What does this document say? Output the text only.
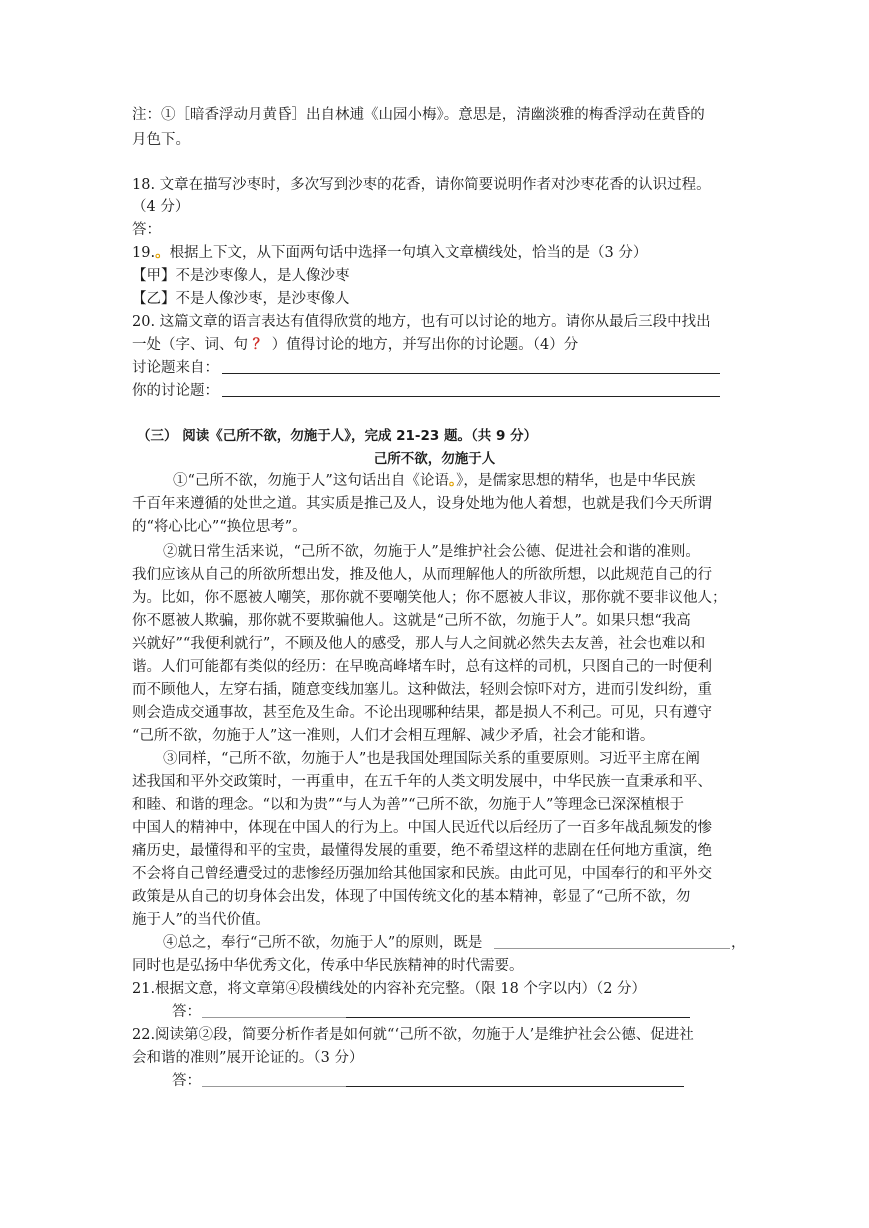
注：①［暗香浮动月黄昏］出自林逋《山园小梅》。意思是，清幽淡雅的梅香浮动在黄昏的
月色下。
18. 文章在描写沙枣时，多次写到沙枣的花香，请你简要说明作者对沙枣花香的认识过程。
（4 分）
答：
19.。根据上下文，从下面两句话中选择一句填入文章横线处，恰当的是（3 分）
【甲】不是沙枣像人，是人像沙枣
【乙】不是人像沙枣，是沙枣像人
20. 这篇文章的语言表达有值得欣赏的地方，也有可以讨论的地方。请你从最后三段中找出
一处（字、词、句 ？ ）值得讨论的地方，并写出你的讨论题。（4）分
讨论题来自：
你的讨论题：
（三） 阅读《己所不欲，勿施于人》，完成 21-23 题。（共 9 分）
己所不欲，勿施于人
①“己所不欲，勿施于人”这句话出自《论语。》，是儒家思想的精华，也是中华民族
千百年来遵循的处世之道。其实质是推己及人，设身处地为他人着想，也就是我们今天所谓
的“将心比心”“换位思考”。
②就日常生活来说，“己所不欲，勿施于人”是维护社会公德、促进社会和谐的准则。
我们应该从自己的所欲所想出发，推及他人，从而理解他人的所欲所想，以此规范自己的行
为。比如，你不愿被人嘲笑，那你就不要嘲笑他人；你不愿被人非议，那你就不要非议他人；
你不愿被人欺骗，那你就不要欺骗他人。这就是“己所不欲，勿施于人”。如果只想“我高
兴就好”“我便利就行”，不顾及他人的感受，那人与人之间就必然失去友善，社会也难以和
谐。人们可能都有类似的经历：在早晚高峰堵车时，总有这样的司机，只图自己的一时便利
而不顾他人，左穿右插，随意变线加塞儿。这种做法，轻则会惊吓对方，进而引发纠纷，重
则会造成交通事故，甚至危及生命。不论出现哪种结果，都是损人不利己。可见，只有遵守
“己所不欲，勿施于人”这一准则，人们才会相互理解、减少矛盾，社会才能和谐。
③同样，“己所不欲，勿施于人”也是我国处理国际关系的重要原则。习近平主席在阐
述我国和平外交政策时，一再重申，在五千年的人类文明发展中，中华民族一直秉承和平、
和睦、和谐的理念。“以和为贵”“与人为善”“己所不欲，勿施于人”等理念已深深植根于
中国人的精神中，体现在中国人的行为上。中国人民近代以后经历了一百多年战乱频发的惨
痛历史，最懂得和平的宝贵，最懂得发展的重要，绝不希望这样的悲剧在任何地方重演，绝
不会将自己曾经遭受过的悲惨经历强加给其他国家和民族。由此可见，中国奉行的和平外交
政策是从自己的切身体会出发，体现了中国传统文化的基本精神，彰显了“己所不欲，勿
施于人”的当代价值。
④总之，奉行“己所不欲，勿施于人”的原则，既是	，
同时也是弘扬中华优秀文化，传承中华民族精神的时代需要。
21.根据文意，将文章第④段横线处的内容补充完整。（限 18 个字以内）（2 分）
答：
22.阅读第②段，简要分析作者是如何就“‘己所不欲，勿施于人’是维护社会公德、促进社
会和谐的准则”展开论证的。（3 分）
答：
